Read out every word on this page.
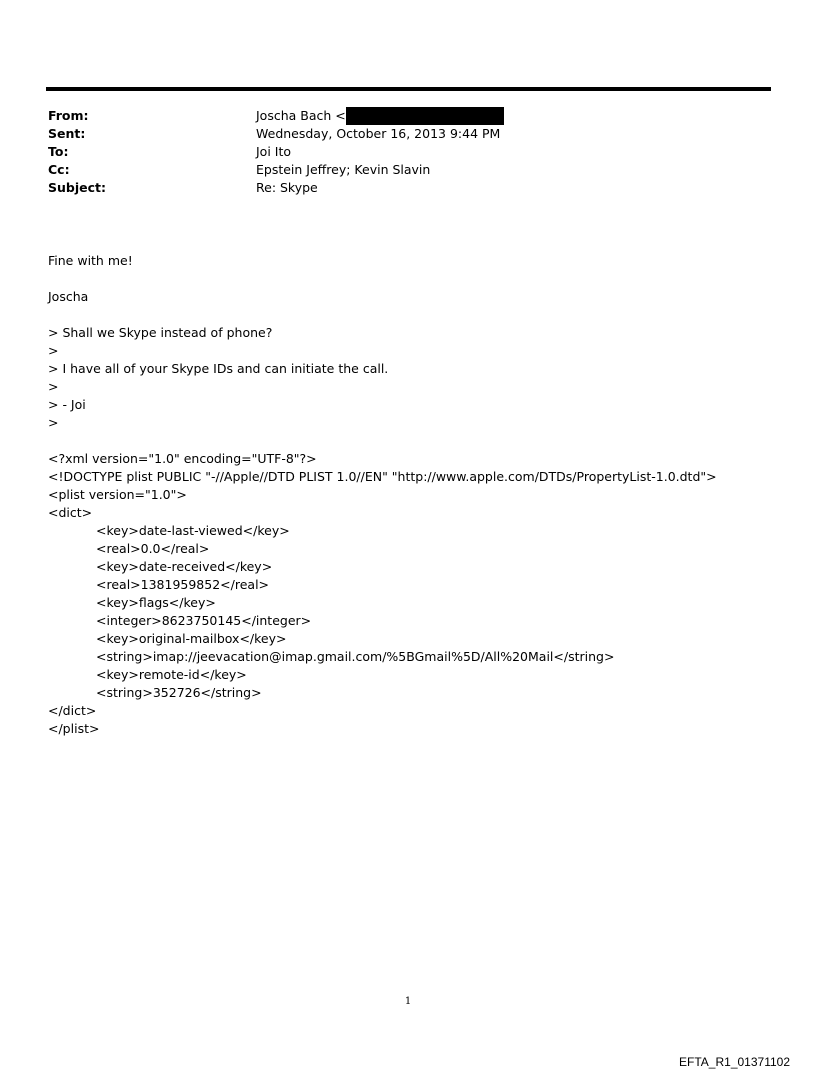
From:	Joscha Bach <
Sent:	Wednesday, October 16, 2013 9:44 PM
To:	Joi Ito
Cc:	Epstein Jeffrey; Kevin Slavin
Subject:	Re: Skype
Fine with me!
Joscha
> Shall we Skype instead of phone?
>
> I have all of your Skype IDs and can initiate the call.
>
> - Joi
>
<?xml version="1.0" encoding="UTF-8"?>
<!DOCTYPE plist PUBLIC "-//Apple//DTD PLIST 1.0//EN" "http://www.apple.com/DTDs/PropertyList-1.0.dtd">
<plist version="1.0">
<dict>
<key>date-last-viewed</key>
<real>0.0</real>
<key>date-received</key>
<real>1381959852</real>
<key>flags</key>
<integer>8623750145</integer>
<key>original-mailbox</key>
<string>imap://jeevacation@imap.gmail.com/%5BGmail%5D/All%20Mail</string>
<key>remote-id</key>
<string>352726</string>
</dict>
</plist>
1
EFTA_R1_01371102
